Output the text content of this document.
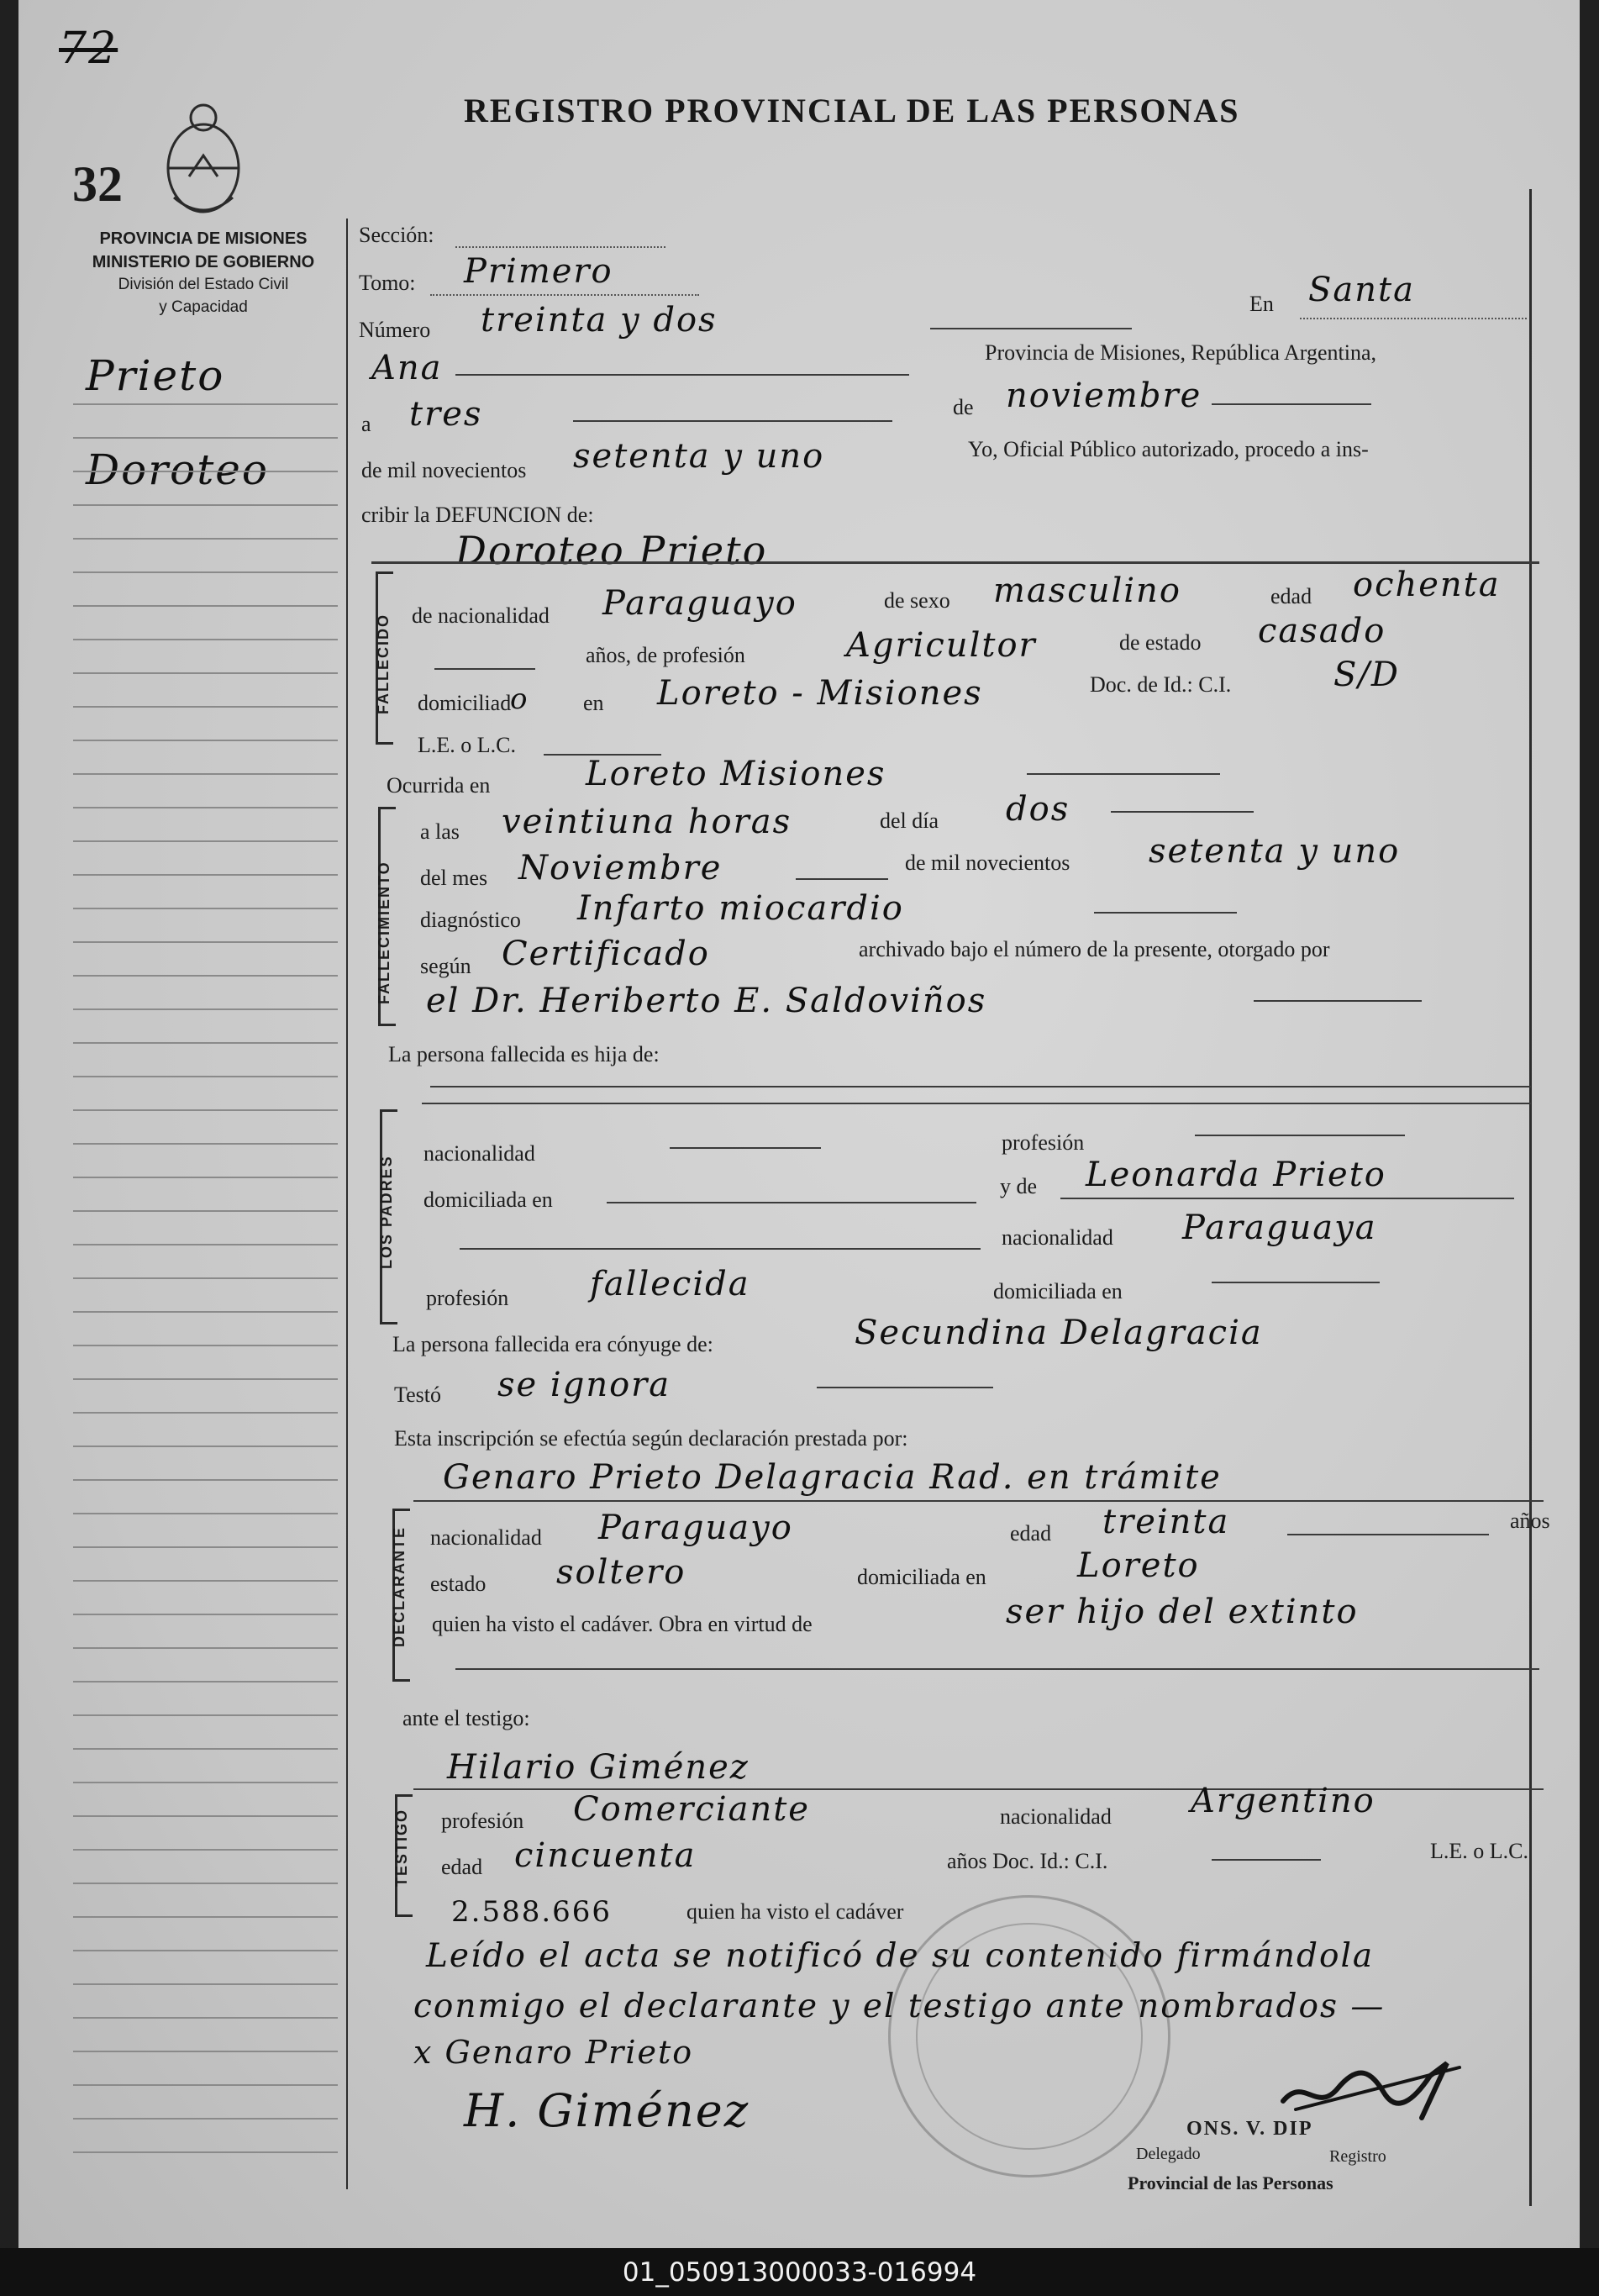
72
32
REGISTRO PROVINCIAL DE LAS PERSONAS
PROVINCIA DE MISIONES
MINISTERIO DE GOBIERNO
División del Estado Civil
y Capacidad
Prieto
Doroteo
Sección:
Tomo: Primero
Número treinta y dos	En Santa
Ana	Provincia de Misiones, República Argentina,
a tres	de noviembre
de mil novecientos setenta y uno	Yo, Oficial Público autorizado, procedo a ins-
cribir la DEFUNCION de:
Doroteo Prieto
FALLECIDO de nacionalidad Paraguayo	de sexo masculino	edad ochenta
años, de profesión	Agricultor	de estado casado
domiciliad
o en Loreto - Misiones	Doc. de Id.: C.I.	S/D
L.E. o L.C.
Ocurrida en	Loreto Misiones
FALLECIMIENTO
a las veintiuna horas	del día dos
del mes Noviembre	de mil novecientos setenta y uno
diagnóstico Infarto miocardio
según Certificado	archivado bajo el número de la presente, otorgado por
el Dr. Heriberto E. Saldoviños
La persona fallecida es hija de:
LOS PADRES
nacionalidad	profesión
domiciliada en
y de Leonarda Prieto
nacionalidad Paraguaya
profesión fallecida	domiciliada en
La persona fallecida era cónyuge de:	Secundina Delagracia
Testó se ignora
Esta inscripción se efectúa según declaración prestada por:
Genaro Prieto Delagracia Rad. en trámite
DECLARANTE nacionalidad Paraguayo	edad treinta	años
estado soltero	domiciliada en	Loreto
quien ha visto el cadáver. Obra en virtud de	ser hijo del extinto
ante el testigo:
Hilario Giménez
TESTIGO profesión Comerciante	nacionalidad Argentino
edad cincuenta	años Doc. Id.: C.I.	L.E. o L.C.
2.588.666	quien ha visto el cadáver
Leído el acta se notificó de su contenido firmándola
conmigo el declarante y el testigo ante nombrados —
x Genaro Prieto
H. Giménez	ONS. V. DIP
Delegado	Registro
Provincial de las Personas
01_050913000033-016994
